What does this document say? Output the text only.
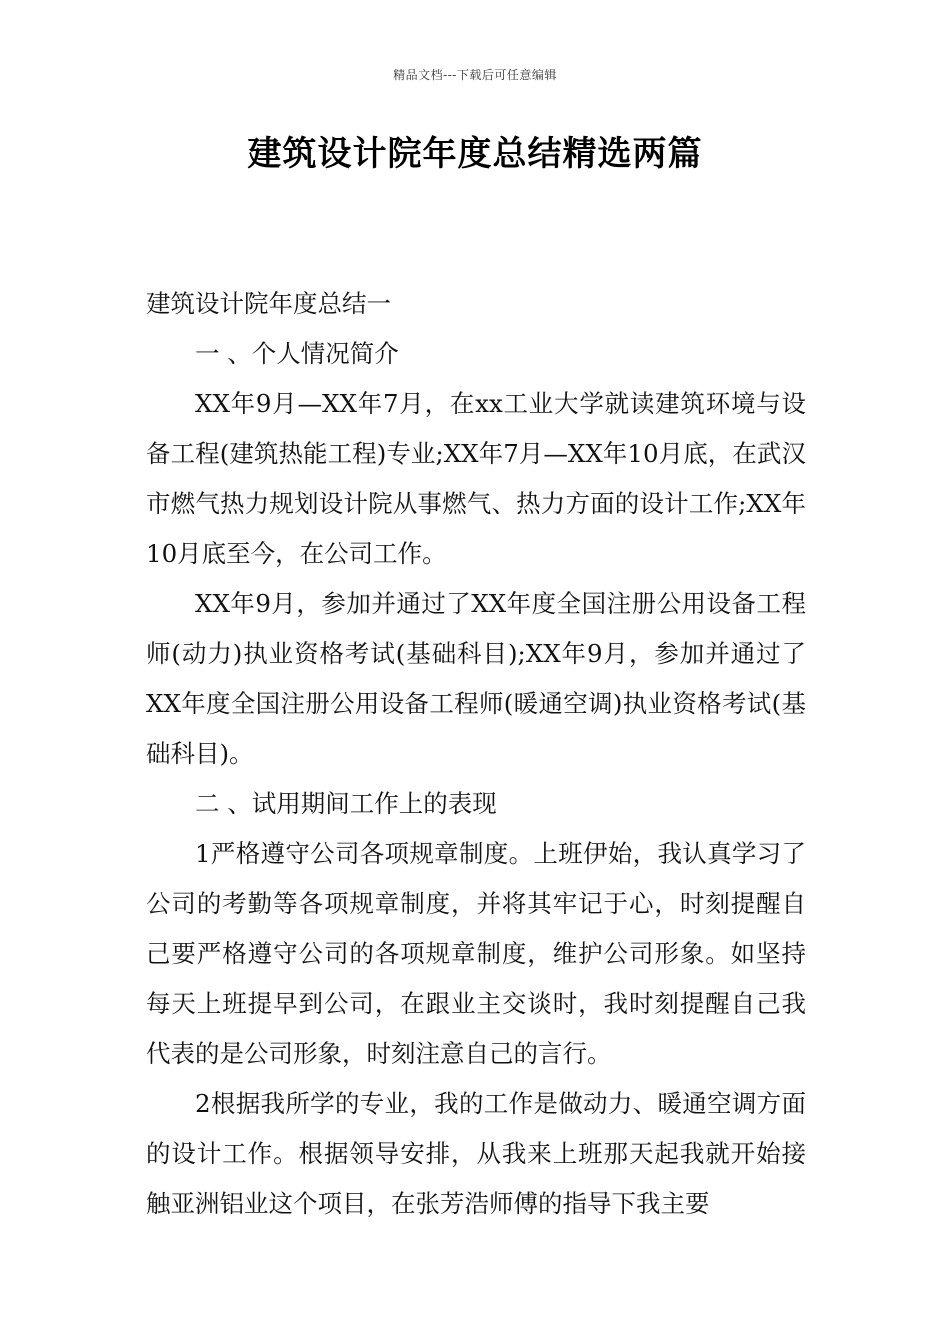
精品文档---下载后可任意编辑
建筑设计院年度总结精选两篇

建筑设计院年度总结一

一 、个人情况简介

XX年9月—XX年7月，在xx工业大学就读建筑环境与设备工程(建筑热能工程)专业;XX年7月—XX年10月底，在武汉市燃气热力规划设计院从事燃气、热力方面的设计工作;XX年10月底至今，在公司工作。

XX年9月，参加并通过了XX年度全国注册公用设备工程师(动力)执业资格考试(基础科目);XX年9月，参加并通过了XX年度全国注册公用设备工程师(暖通空调)执业资格考试(基础科目)。

二 、试用期间工作上的表现

1严格遵守公司各项规章制度。上班伊始，我认真学习了公司的考勤等各项规章制度，并将其牢记于心，时刻提醒自己要严格遵守公司的各项规章制度，维护公司形象。如坚持每天上班提早到公司，在跟业主交谈时，我时刻提醒自己我代表的是公司形象，时刻注意自己的言行。

2根据我所学的专业，我的工作是做动力、暖通空调方面的设计工作。根据领导安排，从我来上班那天起我就开始接触亚洲铝业这个项目，在张芳浩师傅的指导下我主要
